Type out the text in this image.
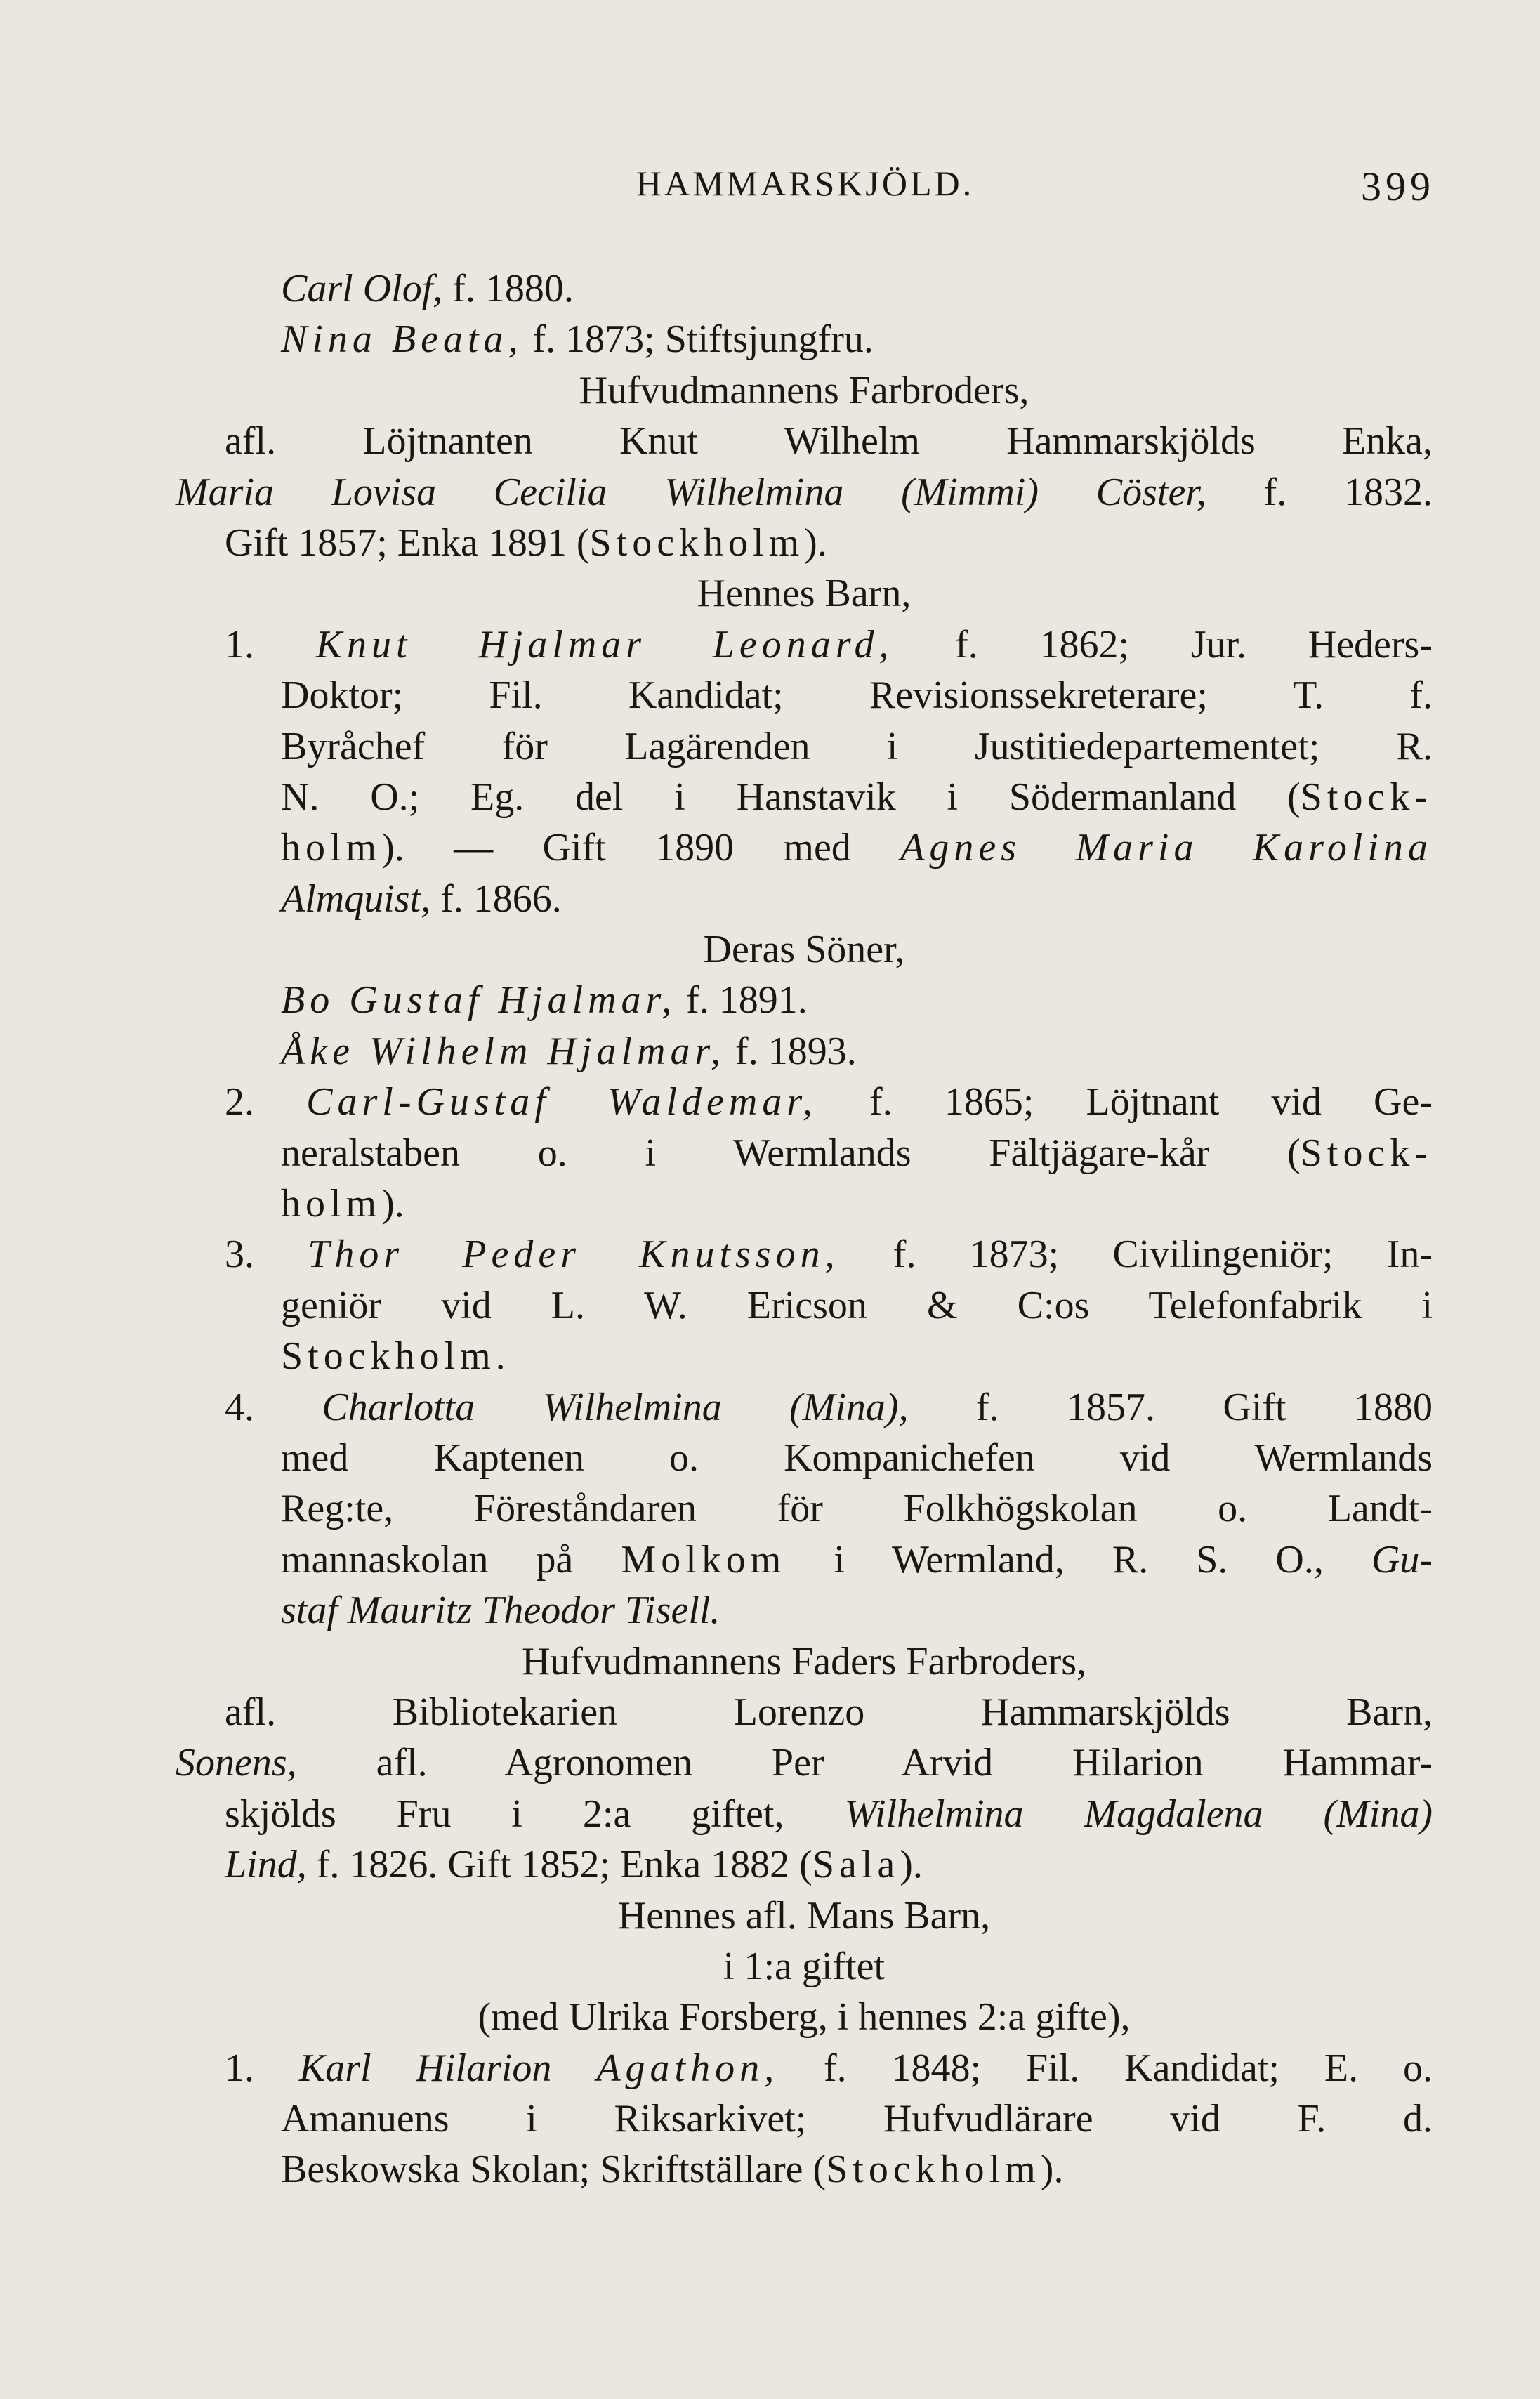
HAMMARSKJÖLD.	399
Carl Olof, f. 1880.
Nina Beata, f. 1873; Stiftsjungfru.
Hufvudmannens Farbroders,
afl. Löjtnanten Knut Wilhelm Hammarskjölds Enka,
Maria Lovisa Cecilia Wilhelmina (Mimmi) Cöster, f. 1832.
Gift 1857; Enka 1891 (Stockholm).
Hennes Barn,
1. Knut Hjalmar Leonard, f. 1862; Jur. Heders-
Doktor; Fil. Kandidat; Revisionssekreterare; T. f.
Byråchef för Lagärenden i Justitiedepartementet; R.
N. O.; Eg. del i Hanstavik i Södermanland (Stock-
holm). — Gift 1890 med Agnes Maria Karolina
Almquist, f. 1866.
Deras Söner,
Bo Gustaf Hjalmar, f. 1891.
Åke Wilhelm Hjalmar, f. 1893.
2. Carl-Gustaf Waldemar, f. 1865; Löjtnant vid Ge-
neralstaben o. i Wermlands Fältjägare-kår (Stock-
holm).
3. Thor Peder Knutsson, f. 1873; Civilingeniör; In-
geniör vid L. W. Ericson & C:os Telefonfabrik i
Stockholm.
4. Charlotta Wilhelmina (Mina), f. 1857. Gift 1880
med Kaptenen o. Kompanichefen vid Wermlands
Reg:te, Föreståndaren för Folkhögskolan o. Landt-
mannaskolan på Molkom i Wermland, R. S. O., Gu-
staf Mauritz Theodor Tisell.
Hufvudmannens Faders Farbroders,
afl. Bibliotekarien Lorenzo Hammarskjölds Barn,
Sonens, afl. Agronomen Per Arvid Hilarion Hammar-
skjölds Fru i 2:a giftet, Wilhelmina Magdalena (Mina)
Lind, f. 1826. Gift 1852; Enka 1882 (Sala).
Hennes afl. Mans Barn,
i 1:a giftet
(med Ulrika Forsberg, i hennes 2:a gifte),
1. Karl Hilarion Agathon, f. 1848; Fil. Kandidat; E. o.
Amanuens i Riksarkivet; Hufvudlärare vid F. d.
Beskowska Skolan; Skriftställare (Stockholm).
